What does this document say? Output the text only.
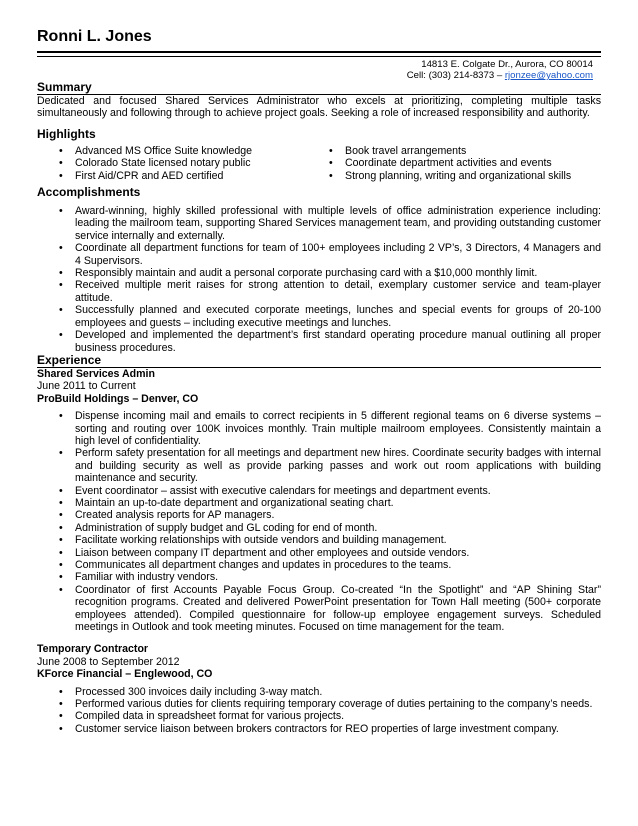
Ronni L. Jones
14813 E. Colgate Dr., Aurora, CO 80014
Cell: (303) 214-8373 – rjonzee@yahoo.com
Summary

Dedicated and focused Shared Services Administrator who excels at prioritizing, completing multiple tasks simultaneously and following through to achieve project goals. Seeking a role of increased responsibility and authority.

Highlights
• Advanced MS Office Suite knowledge
• Colorado State licensed notary public
• First Aid/CPR and AED certified
• Book travel arrangements
• Coordinate department activities and events
• Strong planning, writing and organizational skills
Accomplishments
• Award-winning, highly skilled professional with multiple levels of office administration experience including: leading the mailroom team, supporting Shared Services management team, and providing outstanding customer service internally and externally.
• Coordinate all department functions for team of 100+ employees including 2 VP’s, 3 Directors, 4 Managers and 4 Supervisors.
• Responsibly maintain and audit a personal corporate purchasing card with a $10,000 monthly limit.
• Received multiple merit raises for strong attention to detail, exemplary customer service and team-player attitude.
• Successfully planned and executed corporate meetings, lunches and special events for groups of 20-100 employees and guests – including executive meetings and lunches.
• Developed and implemented the department’s first standard operating procedure manual outlining all proper business procedures.
Experience

Shared Services Admin

June 2011 to Current

ProBuild Holdings – Denver, CO

• Dispense incoming mail and emails to correct recipients in 5 different regional teams on 6 diverse systems – sorting and routing over 100K invoices monthly. Train multiple mailroom employees. Consistently maintain a high level of confidentiality.
• Perform safety presentation for all meetings and department new hires. Coordinate security badges with internal and building security as well as provide parking passes and work out room applications with building maintenance and security.
• Event coordinator – assist with executive calendars for meetings and department events.
• Maintain an up-to-date department and organizational seating chart.
• Created analysis reports for AP managers.
• Administration of supply budget and GL coding for end of month.
• Facilitate working relationships with outside vendors and building management.
• Liaison between company IT department and other employees and outside vendors.
• Communicates all department changes and updates in procedures to the teams.
• Familiar with industry vendors.
• Coordinator of first Accounts Payable Focus Group. Co-created “In the Spotlight” and “AP Shining Star” recognition programs. Created and delivered PowerPoint presentation for Town Hall meeting (500+ corporate employees attended). Compiled questionnaire for follow-up employee engagement surveys. Scheduled meetings in Outlook and took meeting minutes. Focused on time management for the team.

Temporary Contractor

June 2008 to September 2012

KForce Financial – Englewood, CO

• Processed 300 invoices daily including 3-way match.
• Performed various duties for clients requiring temporary coverage of duties pertaining to the company’s needs.
• Compiled data in spreadsheet format for various projects.
• Customer service liaison between brokers contractors for REO properties of large investment company.
